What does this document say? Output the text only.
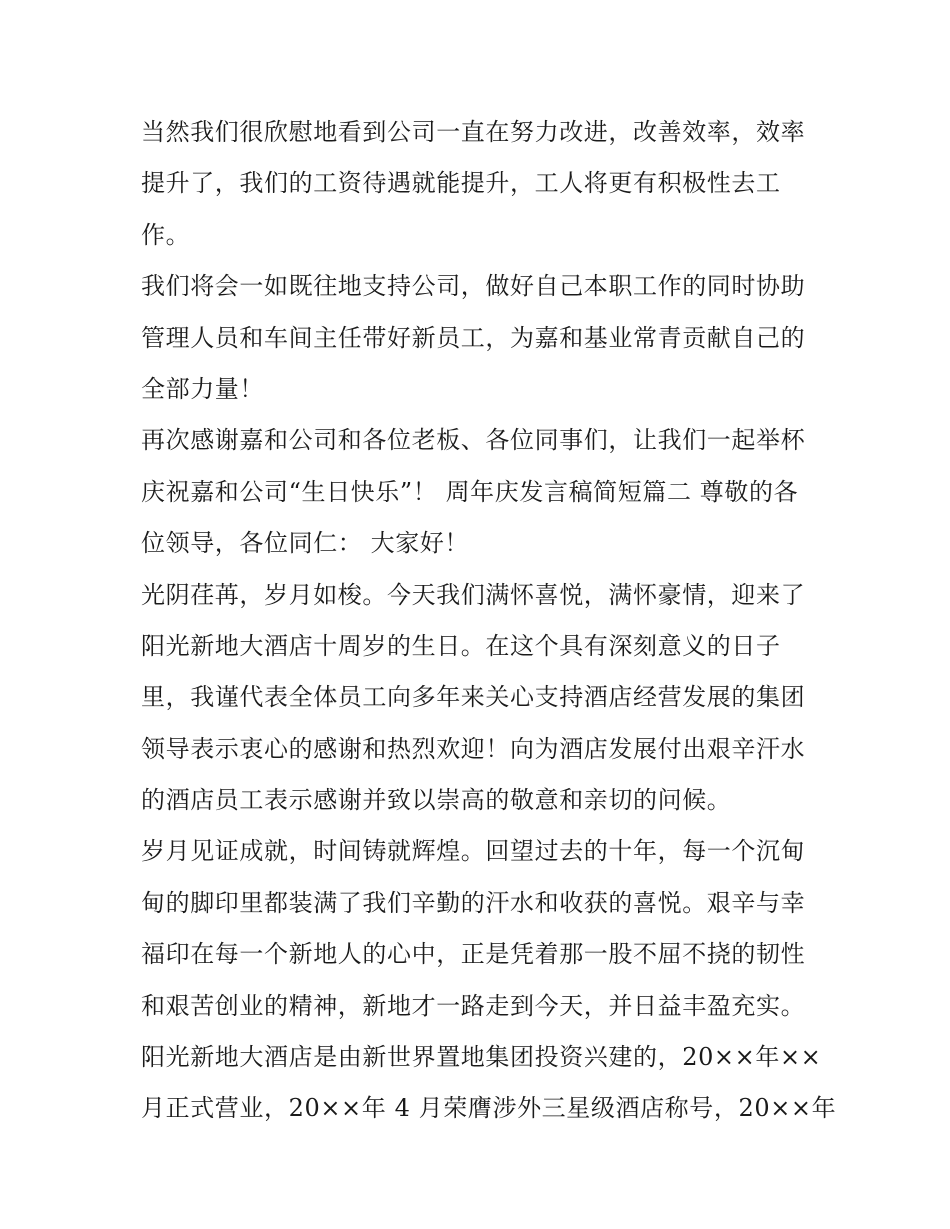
当然我们很欣慰地看到公司一直在努力改进，改善效率，效率
提升了，我们的工资待遇就能提升，工人将更有积极性去工
作。
我们将会一如既往地支持公司，做好自己本职工作的同时协助
管理人员和车间主任带好新员工，为嘉和基业常青贡献自己的
全部力量！
再次感谢嘉和公司和各位老板、各位同事们，让我们一起举杯
庆祝嘉和公司“生日快乐”！ 周年庆发言稿简短篇二 尊敬的各
位领导，各位同仁： 大家好！
光阴荏苒，岁月如梭。今天我们满怀喜悦，满怀豪情，迎来了
阳光新地大酒店十周岁的生日。在这个具有深刻意义的日子
里，我谨代表全体员工向多年来关心支持酒店经营发展的集团
领导表示衷心的感谢和热烈欢迎！向为酒店发展付出艰辛汗水
的酒店员工表示感谢并致以崇高的敬意和亲切的问候。
岁月见证成就，时间铸就辉煌。回望过去的十年，每一个沉甸
甸的脚印里都装满了我们辛勤的汗水和收获的喜悦。艰辛与幸
福印在每一个新地人的心中，正是凭着那一股不屈不挠的韧性
和艰苦创业的精神，新地才一路走到今天，并日益丰盈充实。
阳光新地大酒店是由新世界置地集团投资兴建的，20××年××
月正式营业，20××年 4 月荣膺涉外三星级酒店称号，20××年
